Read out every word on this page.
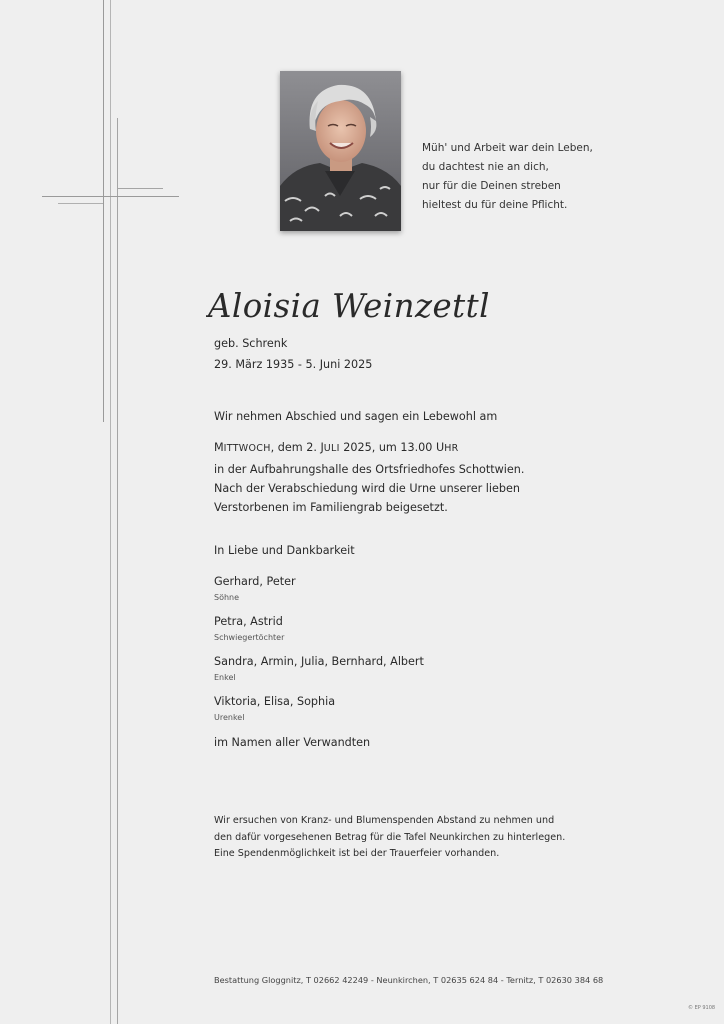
Müh' und Arbeit war dein Leben,
du dachtest nie an dich,
nur für die Deinen streben
hieltest du für deine Pflicht.
Aloisia Weinzettl
geb. Schrenk
29. März 1935 - 5. Juni 2025
Wir nehmen Abschied und sagen ein Lebewohl am
MITTWOCH, dem 2. JULI 2025, um 13.00 UHR
in der Aufbahrungshalle des Ortsfriedhofes Schottwien.
Nach der Verabschiedung wird die Urne unserer lieben
Verstorbenen im Familiengrab beigesetzt.
In Liebe und Dankbarkeit
Gerhard, Peter
Söhne
Petra, Astrid
Schwiegertöchter
Sandra, Armin, Julia, Bernhard, Albert
Enkel
Viktoria, Elisa, Sophia
Urenkel
im Namen aller Verwandten
Wir ersuchen von Kranz- und Blumenspenden Abstand zu nehmen und
den dafür vorgesehenen Betrag für die Tafel Neunkirchen zu hinterlegen.
Eine Spendenmöglichkeit ist bei der Trauerfeier vorhanden.
Bestattung Gloggnitz, T 02662 42249 - Neunkirchen, T 02635 624 84 - Ternitz, T 02630 384 68
© EP 9108
